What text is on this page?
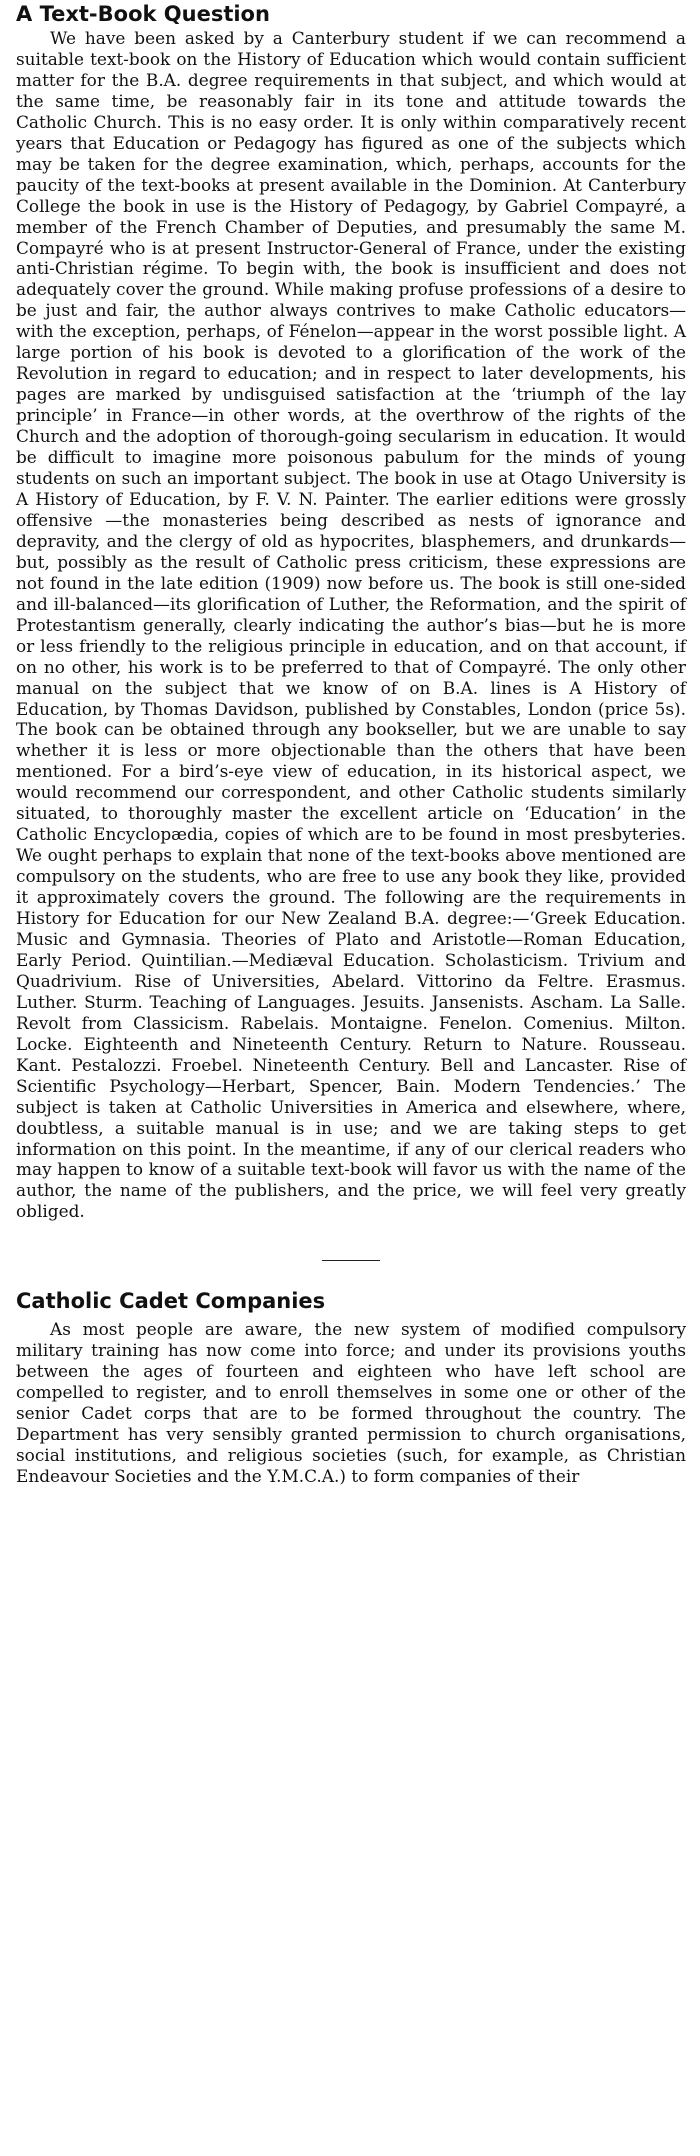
A Text-Book Question

We have been asked by a Canterbury student if we can recommend a suitable text-book on the History of Education which would contain sufficient matter for the B.A. degree requirements in that subject, and which would at the same time, be reasonably fair in its tone and attitude towards the Catholic Church. This is no easy order. It is only within comparatively recent years that Education or Pedagogy has figured as one of the subjects which may be taken for the degree examination, which, perhaps, accounts for the paucity of the text-books at present available in the Dominion. At Canterbury College the book in use is the History of Pedagogy, by Gabriel Compayré, a member of the French Chamber of Deputies, and presumably the same M. Compayré who is at present Instructor-General of France, under the existing anti-Christian régime. To begin with, the book is insufficient and does not adequately cover the ground. While making profuse professions of a desire to be just and fair, the author always contrives to make Catholic educators—with the exception, perhaps, of Fénelon—appear in the worst possible light. A large portion of his book is devoted to a glorification of the work of the Revolution in regard to education; and in respect to later developments, his pages are marked by undisguised satisfaction at the ‘triumph of the lay principle’ in France—in other words, at the overthrow of the rights of the Church and the adoption of thorough-going secularism in education. It would be difficult to imagine more poisonous pabulum for the minds of young students on such an important subject. The book in use at Otago University is A History of Education, by F. V. N. Painter. The earlier editions were grossly offensive —the monasteries being described as nests of ignorance and depravity, and the clergy of old as hypocrites, blasphemers, and drunkards—but, possibly as the result of Catholic press criticism, these expressions are not found in the late edition (1909) now before us. The book is still one-sided and ill-balanced—its glorification of Luther, the Reformation, and the spirit of Protestantism generally, clearly indicating the author’s bias—but he is more or less friendly to the religious principle in education, and on that account, if on no other, his work is to be preferred to that of Compayré. The only other manual on the subject that we know of on B.A. lines is A History of Education, by Thomas Davidson, published by Constables, London (price 5s). The book can be obtained through any bookseller, but we are unable to say whether it is less or more objectionable than the others that have been mentioned. For a bird’s-eye view of education, in its historical aspect, we would recommend our correspondent, and other Catholic students similarly situated, to thoroughly master the excellent article on ‘Education’ in the Catholic Encyclopædia, copies of which are to be found in most presbyteries. We ought perhaps to explain that none of the text-books above mentioned are compulsory on the students, who are free to use any book they like, provided it approximately covers the ground. The following are the requirements in History for Education for our New Zealand B.A. degree:—‘Greek Education. Music and Gymnasia. Theories of Plato and Aristotle—Roman Education, Early Period. Quintilian.—Mediæval Education. Scholasticism. Trivium and Quadrivium. Rise of Universities, Abelard. Vittorino da Feltre. Erasmus. Luther. Sturm. Teaching of Languages. Jesuits. Jansenists. Ascham. La Salle. Revolt from Classicism. Rabelais. Montaigne. Fenelon. Comenius. Milton. Locke. Eighteenth and Nineteenth Century. Return to Nature. Rousseau. Kant. Pestalozzi. Froebel. Nineteenth Century. Bell and Lancaster. Rise of Scientific Psychology—Herbart, Spencer, Bain. Modern Tendencies.’ The subject is taken at Catholic Universities in America and elsewhere, where, doubtless, a suitable manual is in use; and we are taking steps to get information on this point. In the meantime, if any of our clerical readers who may happen to know of a suitable text-book will favor us with the name of the author, the name of the publishers, and the price, we will feel very greatly obliged.

Catholic Cadet Companies

As most people are aware, the new system of modified compulsory military training has now come into force; and under its provisions youths between the ages of fourteen and eighteen who have left school are compelled to register, and to enroll themselves in some one or other of the senior Cadet corps that are to be formed throughout the country. The Department has very sensibly granted permission to church organisations, social institutions, and religious societies (such, for example, as Christian Endeavour Societies and the Y.M.C.A.) to form companies of their
